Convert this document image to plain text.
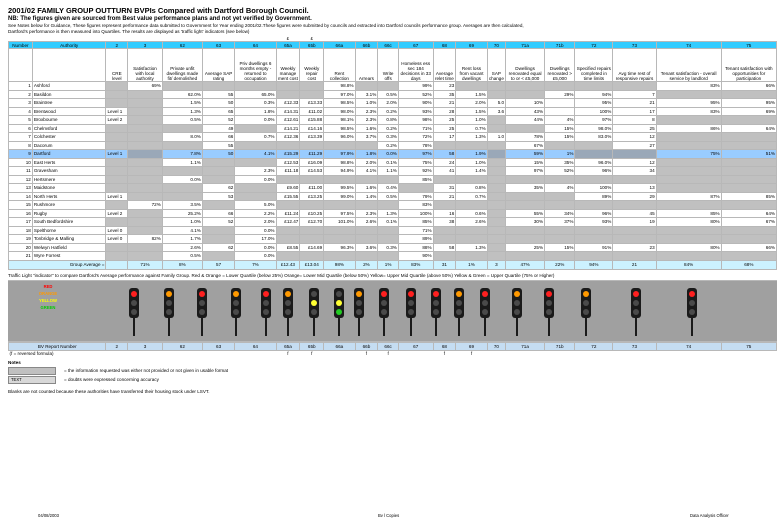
2001/02 FAMILY GROUP OUTTURN BVPIs Compared with Dartford Borough Council.
NB: The figures given are sourced from Best value performance plans and not yet verified by Government.
See Notes below for Guidance, These figures represent performance data submitted to Government for Year ending 2001/02.These figures were submitted by councils and extracted into Dartford councils performance group. Averages are then calculated,
Dartford's performance is then measured into Quartiles. The results are displayed as 'traffic light' indicators (see below)
							£	£													
Number	Authority	2	3	62	63	64	65a	65b	66a	66b	66c	67	68	69	70	71a	71b	72	73	74	75
		CRE level	Satisfaction with local authority	Private unfit dwellings made fit/ demolished	Average SAP rating	Priv dwellings 6 months empty - returned to occupation	Weekly manage ment cost	Weekly repair cost	Rent collection	Arrears	Write offs	Homeless ess sec 184 decisions in 33 days	Average relet time	Rent loss from vacant dwellings	SAP change	Dwellings renovated equal to or < £5,000	Dwellings renovated > £5,000	Specified repairs completed in time limits	Avg time rest of responsive repairs	Tenant satisfaction - overall service by landlord	Tenant satisfaction with opportunities for participation
1	Ashford		69%						98.8%			99%	23							83%	66%
2	Basildon			62.0%	55	65.0%			97.0%	3.1%	0.5%	52%	35	1.5%			29%	94%	7		
3	Braintree			1.5%	50	0.3%	£12.33	£13.33	98.5%	1.0%	2.0%	90%	21	2.0%	5.0	10%		95%	21	95%	95%
4	Brentwood	Level 1		1.3%	65	1.8%	£14.31	£11.02	98.0%	2.3%	0.2%	93%	28	1.5%	3.6	43%		100%	17	83%	69%
5	Broxbourne	Level 2		0.5%	52	0.0%	£12.61	£15.88	98.1%	2.3%	0.8%	98%	25	1.0%		44%	4%	97%	8		
6	Chelmsford				49		£14.21	£14.16	98.5%	1.6%	0.2%	71%	25	0.7%			15%	98.0%	25	86%	64%
7	Colchester			8.0%	66	0.7%	£12.36	£13.39	96.0%	3.7%	0.3%	72%	17	1.3%	1.0	78%	15%	83.0%	12		
8	Dacorum				55						0.2%	78%				67%			27		
9	Dartford	Level 1		7.8%	50	4.1%	£15.29	£11.29	97.9%	1.8%	0.0%	97%	58	1.9%		59%	1%			75%	51%
10	East Herts			1.1%			£12.53	£16.09	98.8%	2.0%	0.1%	75%	24	1.0%		15%	35%	96.0%	12		
11	Gravesham					2.3%	£11.18	£14.53	94.9%	4.1%	1.1%	92%	41	1.4%		97%	52%	96%	34		
12	Hertsmere			0.0%		0.0%						85%									
13	Maidstone				62		£9.60	£11.00	99.5%	1.6%	0.4%		31	0.8%		35%	4%	100%	13		
14	North Herts	Level 1			53		£15.55	£13.25	99.0%	1.4%	0.5%	79%	21	0.7%				89%	29	87%	85%
15	Rushmore		72%	3.5%		5.0%						83%									
16	Rugby	Level 2		25.2%	66	2.2%	£11.24	£10.25	97.5%	2.3%	1.3%	100%	16	0.6%		55%	34%	96%	45	85%	64%
17	South Bedfordshire			1.0%	52	2.0%	£12.47	£12.70	101.0%	2.6%	0.1%	85%	38	2.6%		30%	37%	93%	19	80%	67%
18	Spelthorne	Level 0		4.1%		0.0%						71%									
19	Tonbridge & Malling	Level 0	82%	1.7%		17.0%						89%									
20	Welwyn Hatfield			2.6%	62	0.0%	£8.55	£14.69	96.3%	3.6%	0.3%	88%	58	1.3%		25%	15%	91%	23	80%	66%
21	Wyre Forrest			0.5%		0.0%						90%									
Group Average =			71%	8%	57	7%	£12.43	£13.04	98%	2%	1%	83%	31	1%	3	47%	22%	94%	21	84%	68%
Traffic Light "indicator" to compare Dartford's Average performance against Family Group. Red & Orange = Lower Quartile (below 25%) Orange= Lower Mid Quartile (below 50%) Yellow= Upper Mid Quartile (above 50%) Yellow & Green = Upper Quartile (75% or Higher)
RED
ORANGE
YELLOW
GREEN
BV Report Number	2	3	62	63	64	65a	65b	66a	66b	66c	67	68	69	70	71a	71b	72	73	74	75
(f = reversed formula)						f	f		f	f		f	f							
Notes
= the information requested was either not provided or not given in usable format
TEXT	= doubts were expressed concerning accuracy
Blanks are not counted because these authorities have transferred their housing stock under LSVT.
04/08/2003	Bv l Copies	Data Analysis Officer
